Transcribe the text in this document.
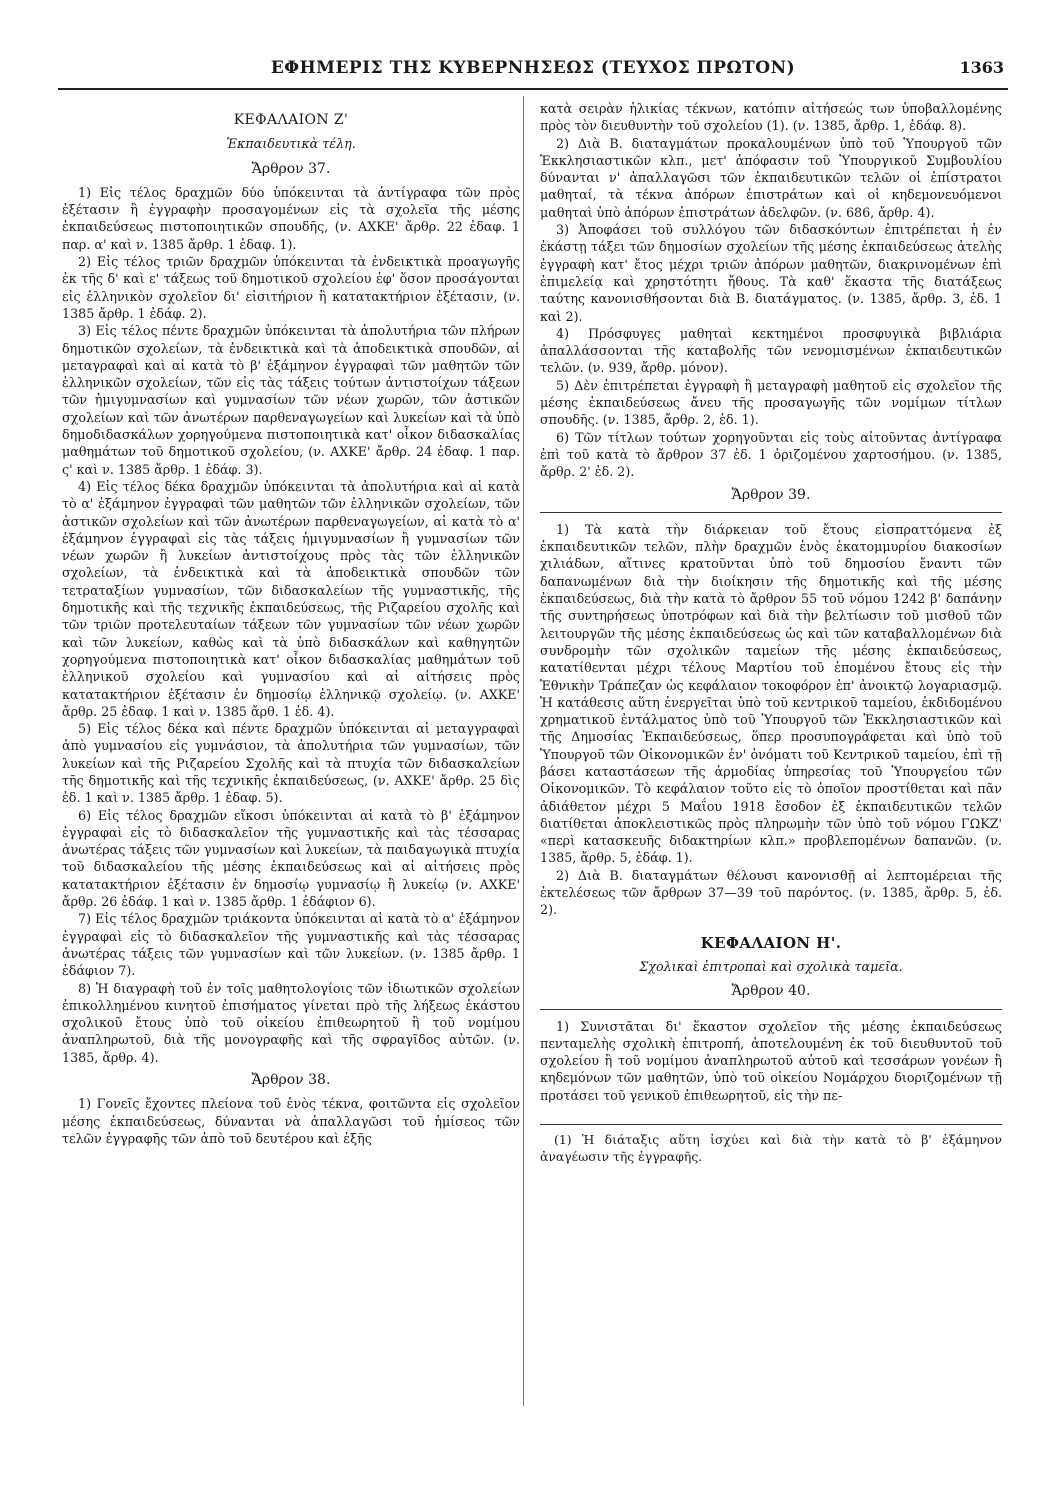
ΕΦΗΜΕΡΙΣ ΤΗΣ ΚΥΒΕΡΝΗΣΕΩΣ (ΤΕΥΧΟΣ ΠΡΩΤΟΝ)	1363
ΚΕΦΑΛΑΙΟΝ Ζ'
Ἐκπαιδευτικὰ τέλη.
Ἄρθρον 37.

1) Εἰς τέλος δραχμῶν δύο ὑπόκεινται τὰ ἀντίγραφα τῶν πρὸς ἐξέτασιν ἢ ἐγγραφὴν προσαγομένων εἰς τὰ σχολεῖα τῆς μέσης ἐκπαιδεύσεως πιστοποιητικῶν σπουδῆς, (ν. ΑΧΚΕ' ἄρθρ. 22 ἐδαφ. 1 παρ. α' καὶ ν. 1385 ἄρθρ. 1 ἐδαφ. 1).

2) Εἰς τέλος τριῶν δραχμῶν ὑπόκεινται τὰ ἐνδεικτικὰ προαγωγῆς ἐκ τῆς δ' καὶ ε' τάξεως τοῦ δημοτικοῦ σχολείου ἐφ' ὅσον προσάγονται εἰς ἑλληνικὸν σχολεῖον δι' εἰσιτήριον ἢ κατατακτήριον ἐξέτασιν, (ν. 1385 ἄρθρ. 1 ἐδάφ. 2).

3) Εἰς τέλος πέντε δραχμῶν ὑπόκεινται τὰ ἀπολυτήρια τῶν πλήρων δημοτικῶν σχολείων, τὰ ἐνδεικτικὰ καὶ τὰ ἀποδεικτικὰ σπουδῶν, αἱ μεταγραφαὶ καὶ αἱ κατὰ τὸ β' ἑξάμηνον ἐγγραφαὶ τῶν μαθητῶν τῶν ἑλληνικῶν σχολείων, τῶν εἰς τὰς τάξεις τούτων ἀντιστοίχων τάξεων τῶν ἡμιγυμνασίων καὶ γυμνασίων τῶν νέων χωρῶν, τῶν ἀστικῶν σχολείων καὶ τῶν ἀνωτέρων παρθεναγωγείων καὶ λυκείων καὶ τὰ ὑπὸ δημοδιδασκάλων χορηγούμενα πιστοποιητικὰ κατ' οἶκον διδασκαλίας μαθημάτων τοῦ δημοτικοῦ σχολείου, (ν. ΑΧΚΕ' ἄρθρ. 24 ἐδαφ. 1 παρ. ς' καὶ ν. 1385 ἄρθρ. 1 ἐδάφ. 3).

4) Εἰς τέλος δέκα δραχμῶν ὑπόκεινται τὰ ἀπολυτήρια καὶ αἱ κατὰ τὸ α' ἑξάμηνον ἐγγραφαὶ τῶν μαθητῶν τῶν ἑλληνικῶν σχολείων, τῶν ἀστικῶν σχολείων καὶ τῶν ἀνωτέρων παρθεναγωγείων, αἱ κατὰ τὸ α' ἑξάμηνον ἐγγραφαὶ εἰς τὰς τάξεις ἡμιγυμνασίων ἢ γυμνασίων τῶν νέων χωρῶν ἢ λυκείων ἀντιστοίχους πρὸς τὰς τῶν ἑλληνικῶν σχολείων, τὰ ἐνδεικτικὰ καὶ τὰ ἀποδεικτικὰ σπουδῶν τῶν τετραταξίων γυμνασίων, τῶν διδασκαλείων τῆς γυμναστικῆς, τῆς δημοτικῆς καὶ τῆς τεχνικῆς ἐκπαιδεύσεως, τῆς Ριζαρείου σχολῆς καὶ τῶν τριῶν προτελευταίων τάξεων τῶν γυμνασίων τῶν νέων χωρῶν καὶ τῶν λυκείων, καθὼς καὶ τὰ ὑπὸ διδασκάλων καὶ καθηγητῶν χορηγούμενα πιστοποιητικὰ κατ' οἶκον διδασκαλίας μαθημάτων τοῦ ἑλληνικοῦ σχολείου καὶ γυμνασίου καὶ αἱ αἰτήσεις πρὸς κατατακτήριον ἐξέτασιν ἐν δημοσίῳ ἑλληνικῷ σχολείῳ. (ν. ΑΧΚΕ' ἄρθρ. 25 ἐδαφ. 1 καὶ ν. 1385 ἄρθ. 1 ἐδ. 4).

5) Εἰς τέλος δέκα καὶ πέντε δραχμῶν ὑπόκεινται αἱ μεταγγραφαὶ ἀπὸ γυμνασίου εἰς γυμνάσιον, τὰ ἀπολυτήρια τῶν γυμνασίων, τῶν λυκείων καὶ τῆς Ριζαρείου Σχολῆς καὶ τὰ πτυχία τῶν διδασκαλείων τῆς δημοτικῆς καὶ τῆς τεχνικῆς ἐκπαιδεύσεως, (ν. ΑΧΚΕ' ἄρθρ. 25 δὶς ἐδ. 1 καὶ ν. 1385 ἄρθρ. 1 ἐδαφ. 5).

6) Εἰς τέλος δραχμῶν εἴκοσι ὑπόκεινται αἱ κατὰ τὸ β' ἑξάμηνον ἐγγραφαὶ εἰς τὸ διδασκαλεῖον τῆς γυμναστικῆς καὶ τὰς τέσσαρας ἀνωτέρας τάξεις τῶν γυμνασίων καὶ λυκείων, τὰ παιδαγωγικὰ πτυχία τοῦ διδασκαλείου τῆς μέσης ἐκπαιδεύσεως καὶ αἱ αἰτήσεις πρὸς κατατακτήριον ἐξέτασιν ἐν δημοσίῳ γυμνασίῳ ἢ λυκείῳ (ν. ΑΧΚΕ' ἄρθρ. 26 ἐδάφ. 1 καὶ ν. 1385 ἄρθρ. 1 ἐδάφιον 6).

7) Εἰς τέλος δραχμῶν τριάκοντα ὑπόκεινται αἱ κατὰ τὸ α' ἑξάμηνον ἐγγραφαὶ εἰς τὸ διδασκαλεῖον τῆς γυμναστικῆς καὶ τὰς τέσσαρας ἀνωτέρας τάξεις τῶν γυμνασίων καὶ τῶν λυκείων. (ν. 1385 ἄρθρ. 1 ἐδάφιον 7).

8) Ἡ διαγραφὴ τοῦ ἐν τοῖς μαθητολογίοις τῶν ἰδιωτικῶν σχολείων ἐπικολλημένου κινητοῦ ἐπισήματος γίνεται πρὸ τῆς λήξεως ἑκάστου σχολικοῦ ἔτους ὑπὸ τοῦ οἰκείου ἐπιθεωρητοῦ ἢ τοῦ νομίμου ἀναπληρωτοῦ, διὰ τῆς μονογραφῆς καὶ τῆς σφραγῖδος αὐτῶν. (ν. 1385, ἄρθρ. 4).

Ἄρθρον 38.

1) Γονεῖς ἔχοντες πλείονα τοῦ ἑνὸς τέκνα, φοιτῶντα εἰς σχολεῖον μέσης ἐκπαιδεύσεως, δύνανται νὰ ἀπαλλαγῶσι τοῦ ἡμίσεος τῶν τελῶν ἐγγραφῆς τῶν ἀπὸ τοῦ δευτέρου καὶ ἑξῆς

κατὰ σειρὰν ἡλικίας τέκνων, κατόπιν αἰτήσεώς των ὑποβαλλομένης πρὸς τὸν διευθυντὴν τοῦ σχολείου (1). (ν. 1385, ἄρθρ. 1, ἐδάφ. 8).

2) Διὰ Β. διαταγμάτων προκαλουμένων ὑπὸ τοῦ Ὑπουργοῦ τῶν Ἐκκλησιαστικῶν κλπ., μετ' ἀπόφασιν τοῦ Ὑπουργικοῦ Συμβουλίου δύνανται ν' ἀπαλλαγῶσι τῶν ἐκπαιδευτικῶν τελῶν οἱ ἐπίστρατοι μαθηταί, τὰ τέκνα ἀπόρων ἐπιστράτων καὶ οἱ κηδεμονευόμενοι μαθηταὶ ὑπὸ ἀπόρων ἐπιστράτων ἀδελφῶν. (ν. 686, ἄρθρ. 4).

3) Ἀποφάσει τοῦ συλλόγου τῶν διδασκόντων ἐπιτρέπεται ἡ ἐν ἑκάστῃ τάξει τῶν δημοσίων σχολείων τῆς μέσης ἐκπαιδεύσεως ἀτελὴς ἐγγραφὴ κατ' ἔτος μέχρι τριῶν ἀπόρων μαθητῶν, διακρινομένων ἐπὶ ἐπιμελείᾳ καὶ χρηστότητι ἤθους. Τὰ καθ' ἕκαστα τῆς διατάξεως ταύτης κανονισθήσονται διὰ Β. διατάγματος. (ν. 1385, ἄρθρ. 3, ἐδ. 1 καὶ 2).

4) Πρόσφυγες μαθηταὶ κεκτημένοι προσφυγικὰ βιβλιάρια ἀπαλλάσσονται τῆς καταβολῆς τῶν νενομισμένων ἐκπαιδευτικῶν τελῶν. (ν. 939, ἄρθρ. μόνον).

5) Δὲν ἐπιτρέπεται ἐγγραφὴ ἢ μεταγραφὴ μαθητοῦ εἰς σχολεῖον τῆς μέσης ἐκπαιδεύσεως ἄνευ τῆς προσαγωγῆς τῶν νομίμων τίτλων σπουδῆς. (ν. 1385, ἄρθρ. 2, ἐδ. 1).

6) Τῶν τίτλων τούτων χορηγοῦνται εἰς τοὺς αἰτοῦντας ἀντίγραφα ἐπὶ τοῦ κατὰ τὸ ἄρθρον 37 ἐδ. 1 ὁριζομένου χαρτοσήμου. (ν. 1385, ἄρθρ. 2' ἐδ. 2).

Ἄρθρον 39.

1) Τὰ κατὰ τὴν διάρκειαν τοῦ ἔτους εἰσπραττόμενα ἐξ ἐκπαιδευτικῶν τελῶν, πλὴν δραχμῶν ἑνὸς ἑκατομμυρίου διακοσίων χιλιάδων, αἵτινες κρατοῦνται ὑπὸ τοῦ δημοσίου ἔναντι τῶν δαπανωμένων διὰ τὴν διοίκησιν τῆς δημοτικῆς καὶ τῆς μέσης ἐκπαιδεύσεως, διὰ τὴν κατὰ τὸ ἄρθρον 55 τοῦ νόμου 1242 β' δαπάνην τῆς συντηρήσεως ὑποτρόφων καὶ διὰ τὴν βελτίωσιν τοῦ μισθοῦ τῶν λειτουργῶν τῆς μέσης ἐκπαιδεύσεως ὡς καὶ τῶν καταβαλλομένων διὰ συνδρομὴν τῶν σχολικῶν ταμείων τῆς μέσης ἐκπαιδεύσεως, κατατίθενται μέχρι τέλους Μαρτίου τοῦ ἑπομένου ἔτους εἰς τὴν Ἐθνικὴν Τράπεζαν ὡς κεφάλαιον τοκοφόρον ἐπ' ἀνοικτῷ λογαριασμῷ. Ἡ κατάθεσις αὕτη ἐνεργεῖται ὑπὸ τοῦ κεντρικοῦ ταμείου, ἐκδιδομένου χρηματικοῦ ἐντάλματος ὑπὸ τοῦ Ὑπουργοῦ τῶν Ἐκκλησιαστικῶν καὶ τῆς Δημοσίας Ἐκπαιδεύσεως, ὅπερ προσυπογράφεται καὶ ὑπὸ τοῦ Ὑπουργοῦ τῶν Οἰκονομικῶν ἐν' ὀνόματι τοῦ Κεντρικοῦ ταμείου, ἐπὶ τῇ βάσει καταστάσεων τῆς ἁρμοδίας ὑπηρεσίας τοῦ Ὑπουργείου τῶν Οἰκονομικῶν. Τὸ κεφάλαιον τοῦτο εἰς τὸ ὁποῖον προστίθεται καὶ πᾶν ἀδιάθετον μέχρι 5 Μαΐου 1918 ἔσοδον ἐξ ἐκπαιδευτικῶν τελῶν διατίθεται ἀποκλειστικῶς πρὸς πληρωμὴν τῶν ὑπὸ τοῦ νόμου ΓΩΚΖ' «περὶ κατασκευῆς διδακτηρίων κλπ.» προβλεπομένων δαπανῶν. (ν. 1385, ἄρθρ. 5, ἐδάφ. 1).

2) Διὰ Β. διαταγμάτων θέλουσι κανονισθῇ αἱ λεπτομέρειαι τῆς ἐκτελέσεως τῶν ἄρθρων 37—39 τοῦ παρόντος. (ν. 1385, ἄρθρ. 5, ἐδ. 2).

ΚΕΦΑΛΑΙΟΝ Η'.
Σχολικαὶ ἐπιτροπαὶ καὶ σχολικὰ ταμεῖα.
Ἄρθρον 40.

1) Συνιστᾶται δι' ἕκαστον σχολεῖον τῆς μέσης ἐκπαιδεύσεως πενταμελὴς σχολικὴ ἐπιτροπή, ἀποτελουμένη ἐκ τοῦ διευθυντοῦ τοῦ σχολείου ἢ τοῦ νομίμου ἀναπληρωτοῦ αὐτοῦ καὶ τεσσάρων γονέων ἢ κηδεμόνων τῶν μαθητῶν, ὑπὸ τοῦ οἰκείου Νομάρχου διοριζομένων τῇ προτάσει τοῦ γενικοῦ ἐπιθεωρητοῦ, εἰς τὴν πε-

(1) Ἡ διάταξις αὕτη ἰσχύει καὶ διὰ τὴν κατὰ τὸ β' ἑξάμηνον ἀναγέωσιν τῆς ἐγγραφῆς.
